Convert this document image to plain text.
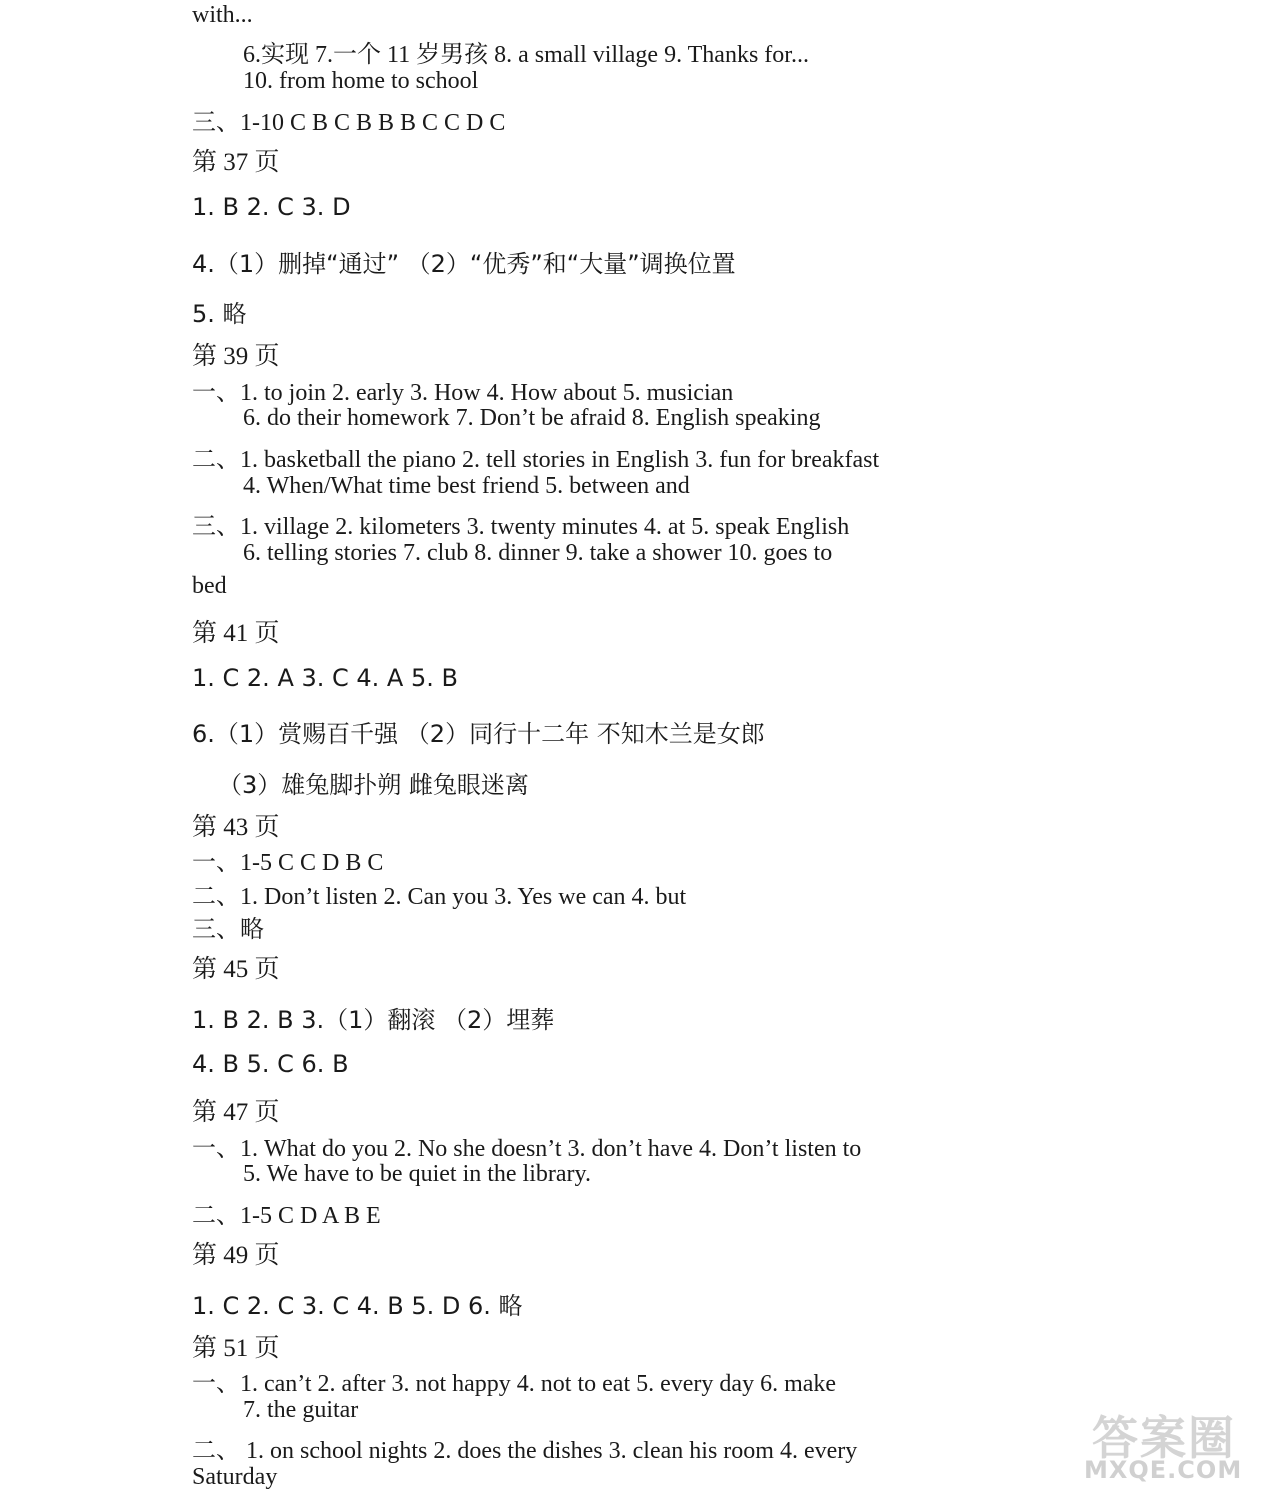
with...
6.实现 7.一个 11 岁男孩 8. a small village 9. Thanks for...
10. from home to school
三、1-10 C B C B B B C C D C
第 37 页
1. B 2. C 3. D
4.（1）删掉“通过” （2）“优秀”和“大量”调换位置
5. 略
第 39 页
一、1. to join 2. early 3. How 4. How about 5. musician
6. do their homework 7. Don’t be afraid 8. English speaking
二、1. basketball the piano 2. tell stories in English 3. fun for breakfast
4. When/What time best friend 5. between and
三、1. village 2. kilometers 3. twenty minutes 4. at 5. speak English
6. telling stories 7. club 8. dinner 9. take a shower 10. goes to
bed
第 41 页
1. C 2. A 3. C 4. A 5. B
6.（1）赏赐百千强 （2）同行十二年 不知木兰是女郎
（3）雄兔脚扑朔 雌兔眼迷离
第 43 页
一、1-5 C C D B C
二、1. Don’t listen 2. Can you 3. Yes we can 4. but
三、略
第 45 页
1. B 2. B 3.（1）翻滚 （2）埋葬
4. B 5. C 6. B
第 47 页
一、1. What do you 2. No she doesn’t 3. don’t have 4. Don’t listen to
5. We have to be quiet in the library.
二、1-5 C D A B E
第 49 页
1. C 2. C 3. C 4. B 5. D 6. 略
第 51 页
一、1. can’t 2. after 3. not happy 4. not to eat 5. every day 6. make
7. the guitar
二、 1. on school nights 2. does the dishes 3. clean his room 4. every
Saturday
答案圈
MXQE.COM
